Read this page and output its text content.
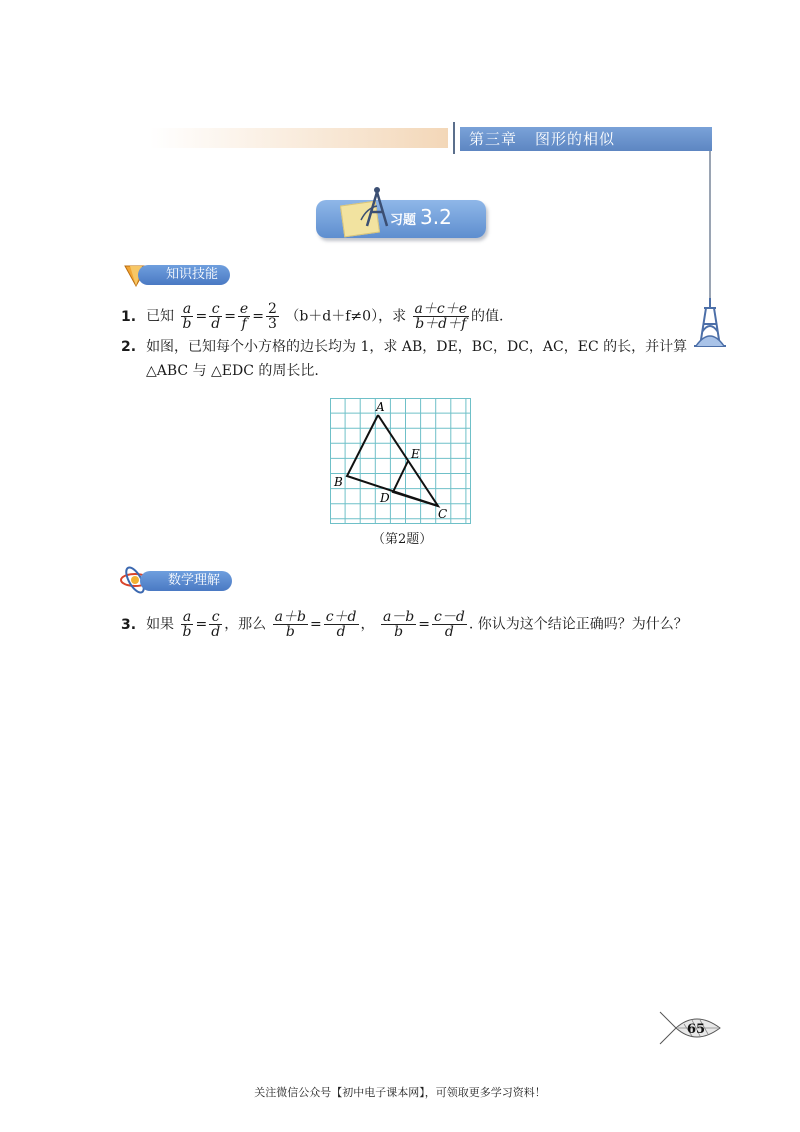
第三章 图形的相似
习题 3.2
知识技能
1. 已知 $\frac{a}{b} = \frac{c}{d} = \frac{e}{f} = \frac{2}{3} (b+d+f\ne 0)$，求 $\frac{a+c+e}{b+d+f}$ 的值.
2. 如图，已知每个小方格的边长均为 1，求 AB，DE，BC，DC，AC，EC 的长，并计算
△ABC 与 △EDC 的周长比.
A
B
C
D
E
（第2题）
数学理解
3. 如果 $\frac{a}{b} = \frac{c}{d}$ ，那么 $\frac{a+b}{b} = \frac{c+d}{d}$ ， $\frac{a-b}{b} = \frac{c-d}{d}$ . 你认为这个结论正确吗？为什么？
65
关注微信公众号【初中电子课本网】，可领取更多学习资料！
